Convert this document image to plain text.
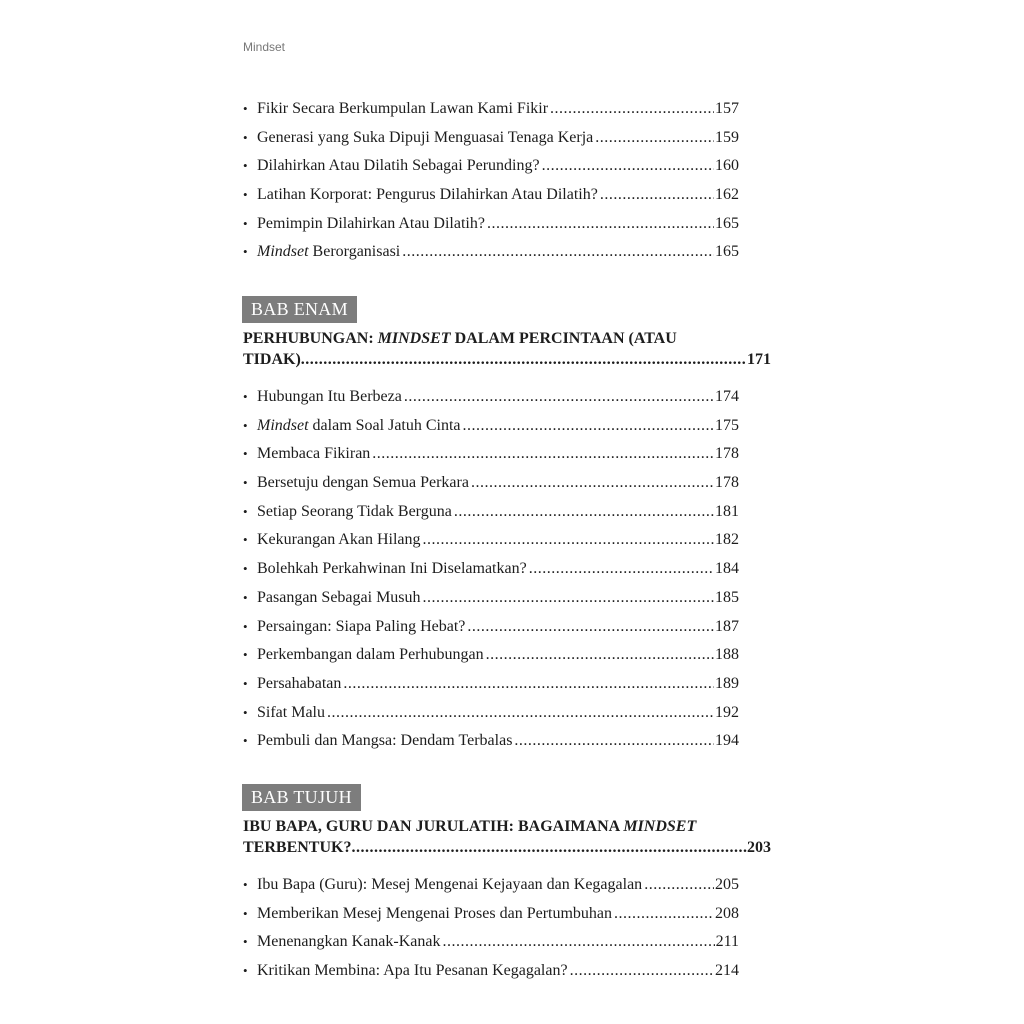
Mindset
• Fikir Secara Berkumpulan Lawan Kami Fikir .....	157
• Generasi yang Suka Dipuji Menguasai Tenaga Kerja .....	159
• Dilahirkan Atau Dilatih Sebagai Perunding? .....	160
• Latihan Korporat: Pengurus Dilahirkan Atau Dilatih? .....	162
• Pemimpin Dilahirkan Atau Dilatih? .....	165
• Mindset Berorganisasi .....	165
BAB ENAM
PERHUBUNGAN: MINDSET DALAM PERCINTAAN (ATAU
TIDAK) .....	171
• Hubungan Itu Berbeza .....	174
• Mindset dalam Soal Jatuh Cinta .....	175
• Membaca Fikiran .....	178
• Bersetuju dengan Semua Perkara .....	178
• Setiap Seorang Tidak Berguna .....	181
• Kekurangan Akan Hilang .....	182
• Bolehkah Perkahwinan Ini Diselamatkan? .....	184
• Pasangan Sebagai Musuh .....	185
• Persaingan: Siapa Paling Hebat? .....	187
• Perkembangan dalam Perhubungan .....	188
• Persahabatan .....	189
• Sifat Malu .....	192
• Pembuli dan Mangsa: Dendam Terbalas .....	194
BAB TUJUH
IBU BAPA, GURU DAN JURULATIH: BAGAIMANA MINDSET
TERBENTUK? .....	203
• Ibu Bapa (Guru): Mesej Mengenai Kejayaan dan Kegagalan .....	205
• Memberikan Mesej Mengenai Proses dan Pertumbuhan .....	208
• Menenangkan Kanak-Kanak .....	211
• Kritikan Membina: Apa Itu Pesanan Kegagalan? .....	214
